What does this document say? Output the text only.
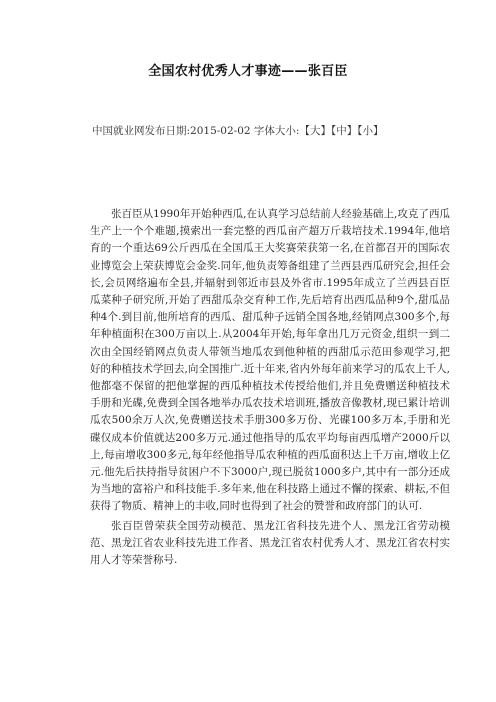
全国农村优秀人才事迹——张百臣
中国就业网发布日期:2015-02-02 字体大小:【大】【中】【小】

张百臣从1990年开始种西瓜,在认真学习总结前人经验基础上,攻克了西瓜生产上一个个难题,摸索出一套完整的西瓜亩产超万斤栽培技术.1994年,他培育的一个重达69公斤西瓜在全国瓜王大奖赛荣获第一名,在首都召开的国际农业博览会上荣获博览会金奖.同年,他负责筹备组建了兰西县西瓜研究会,担任会长,会员网络遍布全县,并辐射到邻近市县及外省市.1995年成立了兰西县百臣瓜菜种子研究所,开始了西甜瓜杂交育种工作,先后培育出西瓜品种9个,甜瓜品种4个.到目前,他所培育的西瓜、甜瓜种子远销全国各地,经销网点300多个,每年种植面积在300万亩以上.从2004年开始,每年拿出几万元资金,组织一到二次由全国经销网点负责人带领当地瓜农到他种植的西甜瓜示范田参观学习,把好的种植技术学回去,向全国推广.近十年来,省内外每年前来学习的瓜农上千人,他都毫不保留的把他掌握的西瓜种植技术传授给他们,并且免费赠送种植技术手册和光碟,免费到全国各地举办瓜农技术培训班,播放音像教材,现已累计培训瓜农500余万人次,免费赠送技术手册300多万份、光碟100多万本,手册和光碟仅成本价值就达200多万元.通过他指导的瓜农平均每亩西瓜增产2000斤以上,每亩增收300多元,每年经他指导瓜农种植的西瓜面积达上千万亩,增收上亿元.他先后扶持指导贫困户不下3000户,现已脱贫1000多户,其中有一部分还成为当地的富裕户和科技能手.多年来,他在科技路上通过不懈的探索、耕耘,不但获得了物质、精神上的丰收,同时也得到了社会的赞誉和政府部门的认可.

张百臣曾荣获全国劳动模范、黑龙江省科技先进个人、黑龙江省劳动模范、黑龙江省农业科技先进工作者、黑龙江省农村优秀人才、黑龙江省农村实用人才等荣誉称号.
